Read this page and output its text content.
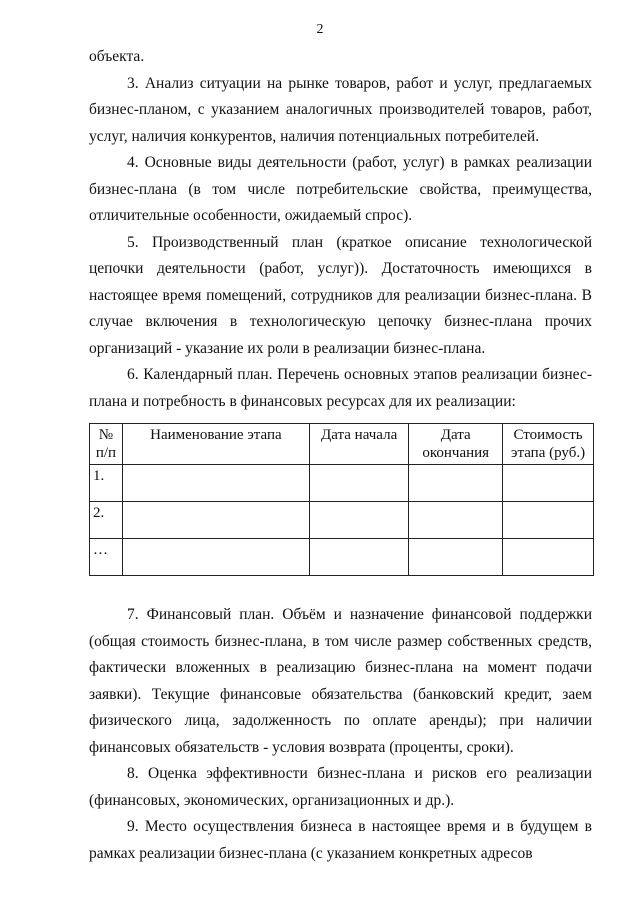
2

объекта.

3. Анализ ситуации на рынке товаров, работ и услуг, предлагаемых бизнес-планом, с указанием аналогичных производителей товаров, работ, услуг, наличия конкурентов, наличия потенциальных потребителей.

4. Основные виды деятельности (работ, услуг) в рамках реализации бизнес-плана (в том числе потребительские свойства, преимущества, отличительные особенности, ожидаемый спрос).

5. Производственный план (краткое описание технологической цепочки деятельности (работ, услуг)). Достаточность имеющихся в настоящее время помещений, сотрудников для реализации бизнес-плана. В случае включения в технологическую цепочку бизнес-плана прочих организаций - указание их роли в реализации бизнес-плана.

6. Календарный план. Перечень основных этапов реализации бизнес-плана и потребность в финансовых ресурсах для их реализации:

№ п/п	Наименование этапа	Дата начала	Дата окончания	Стоимость этапа (руб.)
1.				
2.				
…				

7. Финансовый план. Объём и назначение финансовой поддержки (общая стоимость бизнес-плана, в том числе размер собственных средств, фактически вложенных в реализацию бизнес-плана на момент подачи заявки). Текущие финансовые обязательства (банковский кредит, заем физического лица, задолженность по оплате аренды); при наличии финансовых обязательств - условия возврата (проценты, сроки).

8. Оценка эффективности бизнес-плана и рисков его реализации (финансовых, экономических, организационных и др.).

9. Место осуществления бизнеса в настоящее время и в будущем в рамках реализации бизнес-плана (с указанием конкретных адресов
